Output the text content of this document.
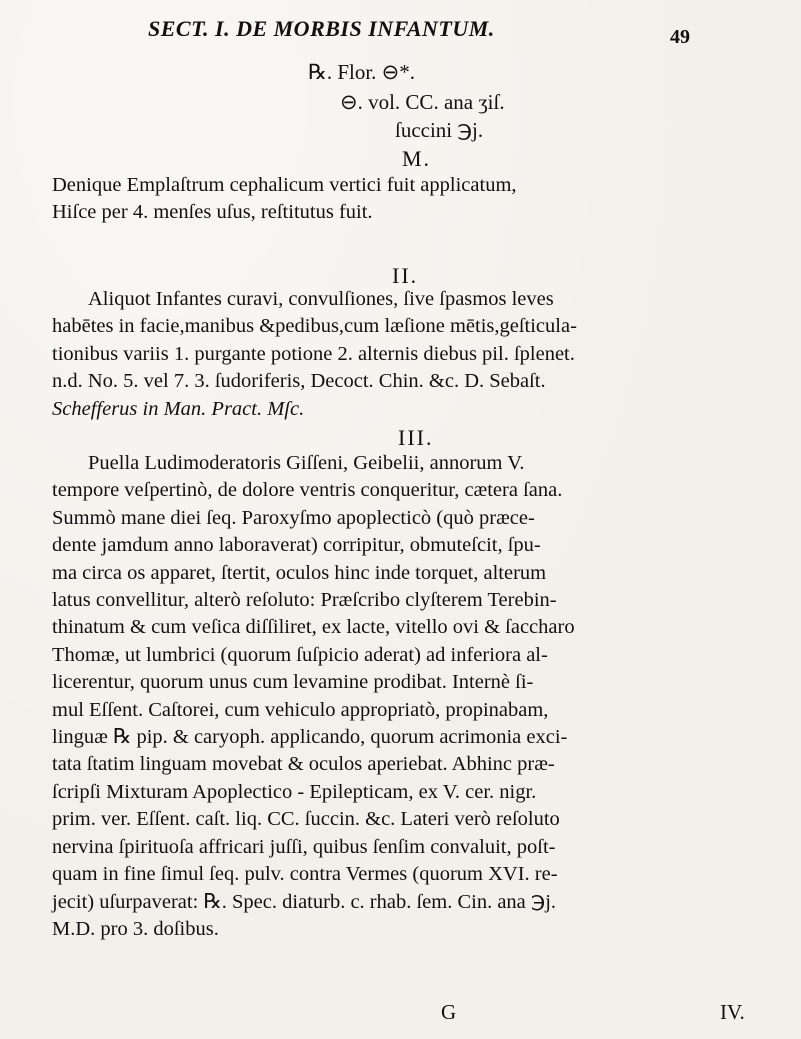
SECT. I. DE MORBIS INFANTUM.	49
℞. Flor. ⊖*.
⊖. vol. CC. ana ʒiſ.
ſuccini ℈j.
M.
Denique Emplaſtrum cephalicum vertici fuit applicatum,
Hiſce per 4. menſes uſus, reſtitutus fuit.
II.
Aliquot Infantes curavi, convulſiones, ſive ſpasmos leves
habētes in facie,manibus &pedibus,cum læſione mētis,geſticula-
tionibus variis 1. purgante potione 2. alternis diebus pil. ſplenet.
n.d. No. 5. vel 7. 3. ſudoriferis, Decoct. Chin. &c. D. Sebaſt.
Schefferus in Man. Pract. Mſc.
III.
Puella Ludimoderatoris Giſſeni, Geibelii, annorum V.
tempore veſpertinò, de dolore ventris conqueritur, cætera ſana.
Summò mane diei ſeq. Paroxyſmo apoplecticò (quò præce-
dente jamdum anno laboraverat) corripitur, obmuteſcit, ſpu-
ma circa os apparet, ſtertit, oculos hinc inde torquet, alterum
latus convellitur, alterò reſoluto: Præſcribo clyſterem Terebin-
thinatum & cum veſica diſſiliret, ex lacte, vitello ovi & ſaccharo
Thomæ, ut lumbrici (quorum ſuſpicio aderat) ad inferiora al-
licerentur, quorum unus cum levamine prodibat. Internè ſi-
mul Eſſent. Caſtorei, cum vehiculo appropriatò, propinabam,
linguæ ℞ pip. & caryoph. applicando, quorum acrimonia exci-
tata ſtatim linguam movebat & oculos aperiebat. Abhinc præ-
ſcripſi Mixturam Apoplectico - Epilepticam, ex V. cer. nigr.
prim. ver. Eſſent. caſt. liq. CC. ſuccin. &c. Lateri verò reſoluto
nervina ſpirituoſa affricari juſſi, quibus ſenſim convaluit, poſt-
quam in fine ſimul ſeq. pulv. contra Vermes (quorum XVI. re-
jecit) uſurpaverat: ℞. Spec. diaturb. c. rhab. ſem. Cin. ana ℈j.
M.D. pro 3. doſibus.
G	IV.
